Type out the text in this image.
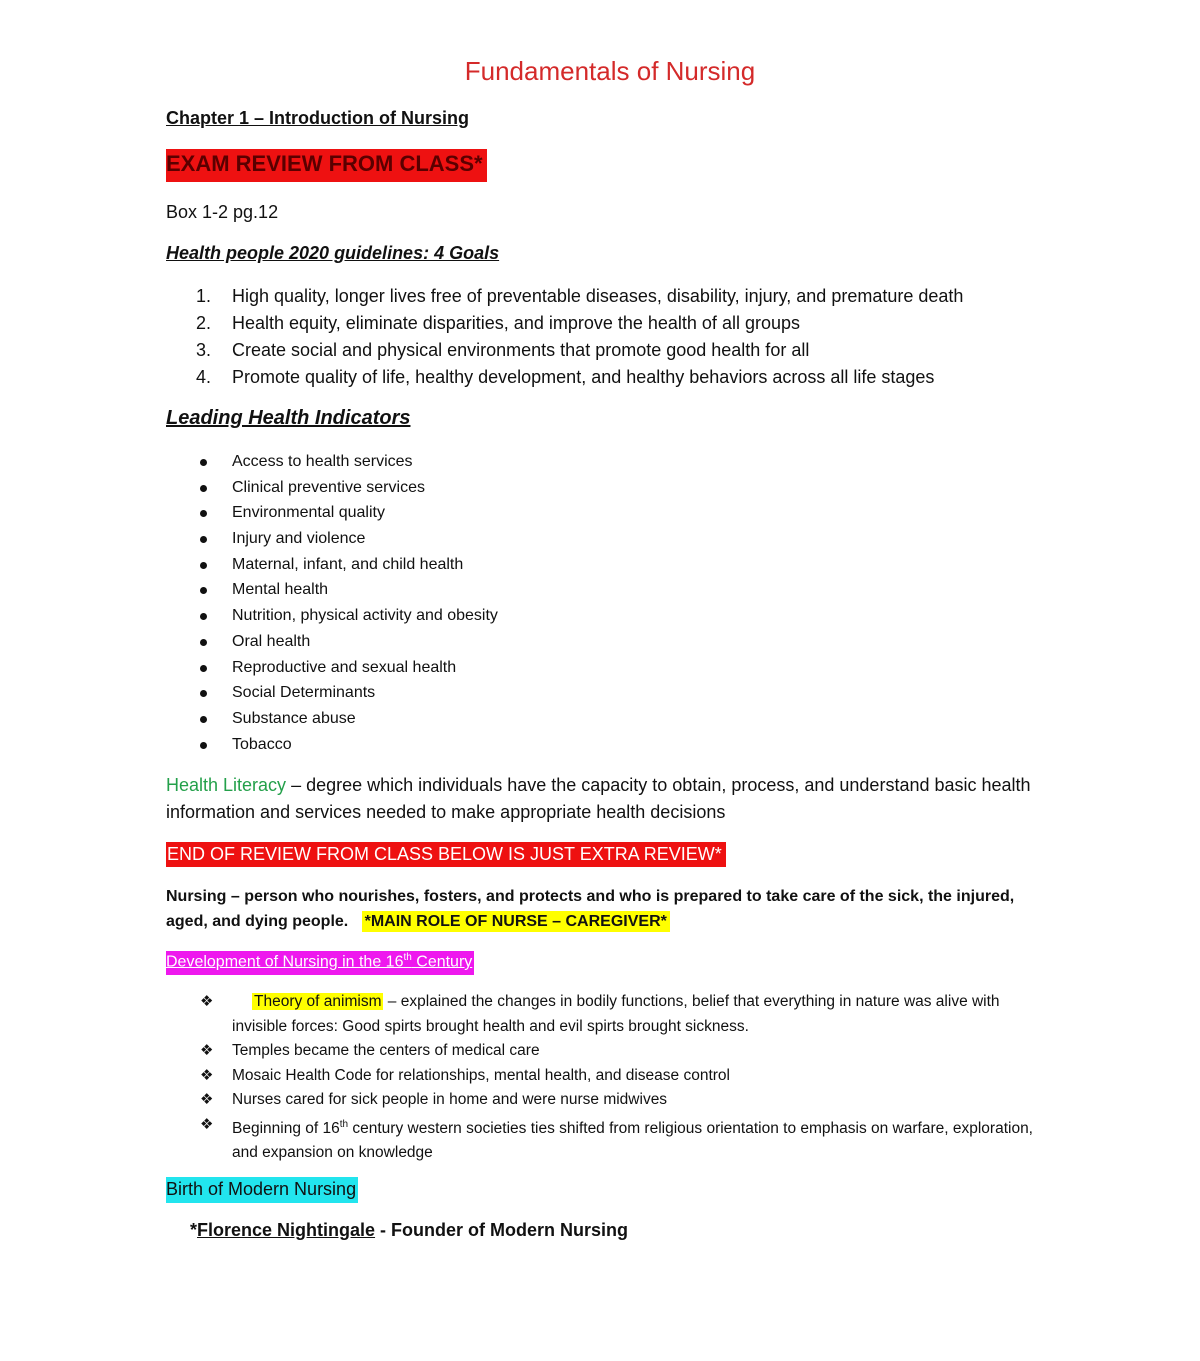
Fundamentals of Nursing
Chapter 1 – Introduction of Nursing
EXAM REVIEW FROM CLASS*
Box 1-2 pg.12
Health people 2020 guidelines: 4 Goals
1. High quality, longer lives free of preventable diseases, disability, injury, and premature death
2. Health equity, eliminate disparities, and improve the health of all groups
3. Create social and physical environments that promote good health for all
4. Promote quality of life, healthy development, and healthy behaviors across all life stages
Leading Health Indicators
Access to health services
Clinical preventive services
Environmental quality
Injury and violence
Maternal, infant, and child health
Mental health
Nutrition, physical activity and obesity
Oral health
Reproductive and sexual health
Social Determinants
Substance abuse
Tobacco
Health Literacy – degree which individuals have the capacity to obtain, process, and understand basic health information and services needed to make appropriate health decisions
END OF REVIEW FROM CLASS BELOW IS JUST EXTRA REVIEW*
Nursing – person who nourishes, fosters, and protects and who is prepared to take care of the sick, the injured, aged, and dying people. *MAIN ROLE OF NURSE – CAREGIVER*
Development of Nursing in the 16th Century
❖	Theory of animism – explained the changes in bodily functions, belief that everything in nature was alive with invisible forces: Good spirts brought health and evil spirts brought sickness.
❖ Temples became the centers of medical care
❖ Mosaic Health Code for relationships, mental health, and disease control
❖ Nurses cared for sick people in home and were nurse midwives
❖ Beginning of 16th century western societies ties shifted from religious orientation to emphasis on warfare, exploration, and expansion on knowledge
Birth of Modern Nursing
*Florence Nightingale - Founder of Modern Nursing
